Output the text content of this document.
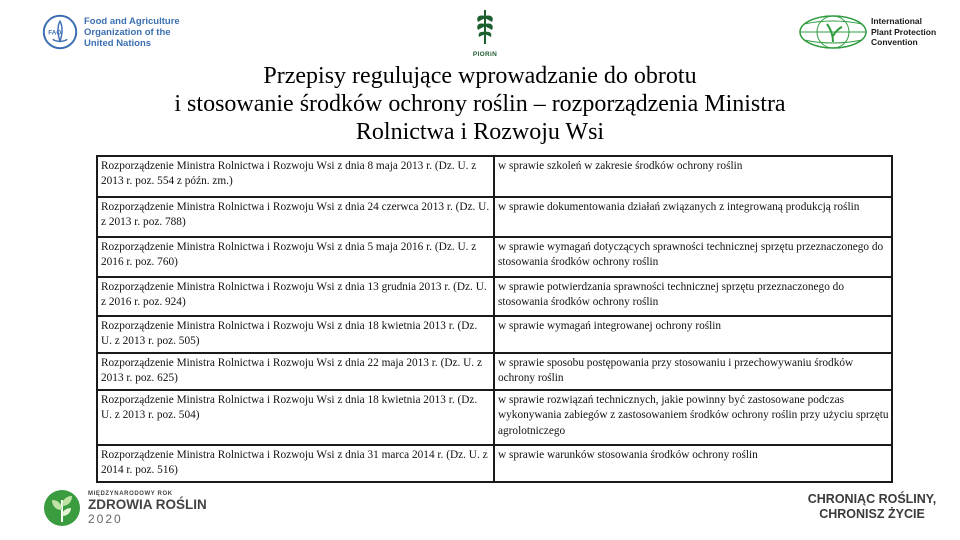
FAO
Food and Agriculture
Organization of the
United Nations
PIORiN
International
Plant Protection
Convention
Przepisy regulujące wprowadzanie do obrotu
i stosowanie środków ochrony roślin – rozporządzenia Ministra
Rolnictwa i Rozwoju Wsi
Rozporządzenie Ministra Rolnictwa i Rozwoju Wsi z dnia 8 maja 2013 r. (Dz. U. z 2013 r. poz. 554 z późn. zm.)	w sprawie szkoleń w zakresie środków ochrony roślin
Rozporządzenie Ministra Rolnictwa i Rozwoju Wsi z dnia 24 czerwca 2013 r. (Dz. U. z 2013 r. poz. 788)	w sprawie dokumentowania działań związanych z integrowaną produkcją roślin
Rozporządzenie Ministra Rolnictwa i Rozwoju Wsi z dnia 5 maja 2016 r. (Dz. U. z 2016 r. poz. 760)	w sprawie wymagań dotyczących sprawności technicznej sprzętu przeznaczonego do stosowania środków ochrony roślin
Rozporządzenie Ministra Rolnictwa i Rozwoju Wsi z dnia 13 grudnia 2013 r. (Dz. U. z 2016 r. poz. 924)	w sprawie potwierdzania sprawności technicznej sprzętu przeznaczonego do stosowania środków ochrony roślin
Rozporządzenie Ministra Rolnictwa i Rozwoju Wsi z dnia 18 kwietnia 2013 r. (Dz. U. z 2013 r. poz. 505)	w sprawie wymagań integrowanej ochrony roślin
Rozporządzenie Ministra Rolnictwa i Rozwoju Wsi z dnia 22 maja 2013 r. (Dz. U. z 2013 r. poz. 625)	w sprawie sposobu postępowania przy stosowaniu i przechowywaniu środków ochrony roślin
Rozporządzenie Ministra Rolnictwa i Rozwoju Wsi z dnia 18 kwietnia 2013 r. (Dz. U. z 2013 r. poz. 504)	w sprawie rozwiązań technicznych, jakie powinny być zastosowane podczas wykonywania zabiegów z zastosowaniem środków ochrony roślin przy użyciu sprzętu agrolotniczego
Rozporządzenie Ministra Rolnictwa i Rozwoju Wsi z dnia 31 marca 2014 r. (Dz. U. z 2014 r. poz. 516)	w sprawie warunków stosowania środków ochrony roślin
MIĘDZYNARODOWY ROK
ZDROWIA ROŚLIN
2020
CHRONIĄC ROŚLINY,
CHRONISZ ŻYCIE
